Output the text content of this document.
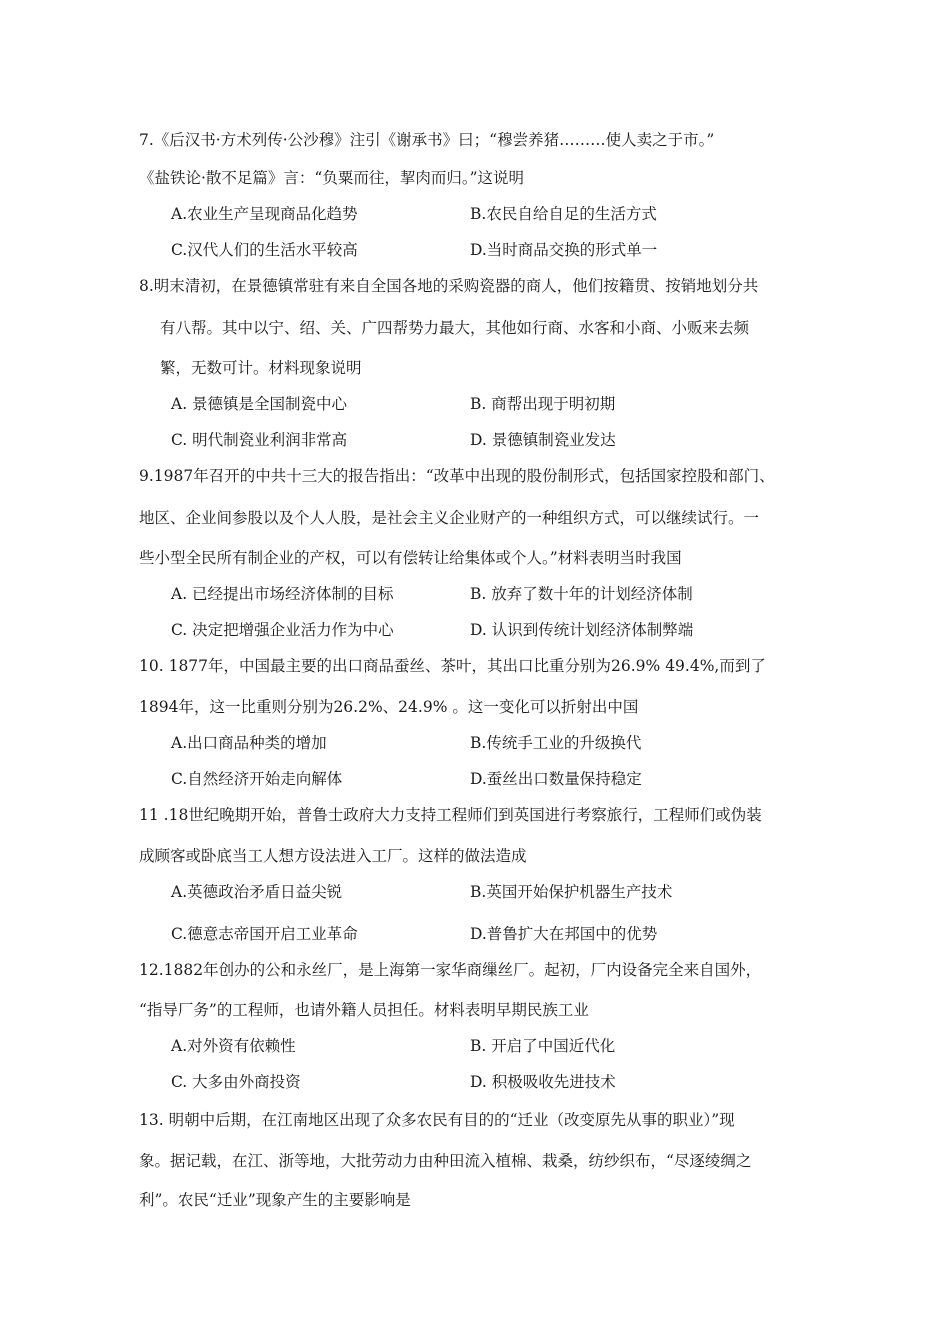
7.《后汉书·方术列传·公沙穆》注引《谢承书》曰；“穆尝养猪………使人卖之于市。”
《盐铁论·散不足篇》言：“负粟而往，挈肉而归。”这说明
A.农业生产呈现商品化趋势	B.农民自给自足的生活方式
C.汉代人们的生活水平较高	D.当时商品交换的形式单一
8.明末清初，在景德镇常驻有来自全国各地的采购瓷器的商人，他们按籍贯、按销地划分共
有八帮。其中以宁、绍、关、广四帮势力最大，其他如行商、水客和小商、小贩来去频
繁，无数可计。材料现象说明
A. 景德镇是全国制瓷中心	B. 商帮出现于明初期
C. 明代制瓷业利润非常高	D. 景德镇制瓷业发达
9.1987年召开的中共十三大的报告指出：“改革中出现的股份制形式，包括国家控股和部门、
地区、企业间参股以及个人人股，是社会主义企业财产的一种组织方式，可以继续试行。一
些小型全民所有制企业的产权，可以有偿转让给集体或个人。”材料表明当时我国
A. 已经提出市场经济体制的目标	B. 放弃了数十年的计划经济体制
C. 决定把增强企业活力作为中心	D. 认识到传统计划经济体制弊端
10. 1877年，中国最主要的出口商品蚕丝、茶叶，其出口比重分别为26.9% 49.4%,而到了
1894年，这一比重则分别为26.2%、24.9% 。这一变化可以折射出中国
A.出口商品种类的增加	B.传统手工业的升级换代
C.自然经济开始走向解体	D.蚕丝出口数量保持稳定
11 .18世纪晚期开始，普鲁士政府大力支持工程师们到英国进行考察旅行，工程师们或伪装
成顾客或卧底当工人想方设法进入工厂。这样的做法造成
A.英德政治矛盾日益尖锐	B.英国开始保护机器生产技术
C.德意志帝国开启工业革命	D.普鲁扩大在邦国中的优势
12.1882年创办的公和永丝厂，是上海第一家华商缫丝厂。起初，厂内设备完全来自国外，
“指导厂务”的工程师，也请外籍人员担任。材料表明早期民族工业
A.对外资有依赖性	B. 开启了中国近代化
C. 大多由外商投资	D. 积极吸收先进技术
13. 明朝中后期，在江南地区出现了众多农民有目的的“迁业（改变原先从事的职业）”现
象。据记载，在江、浙等地，大批劳动力由种田流入植棉、栽桑，纺纱织布，“尽逐绫绸之
利”。农民“迁业”现象产生的主要影响是
